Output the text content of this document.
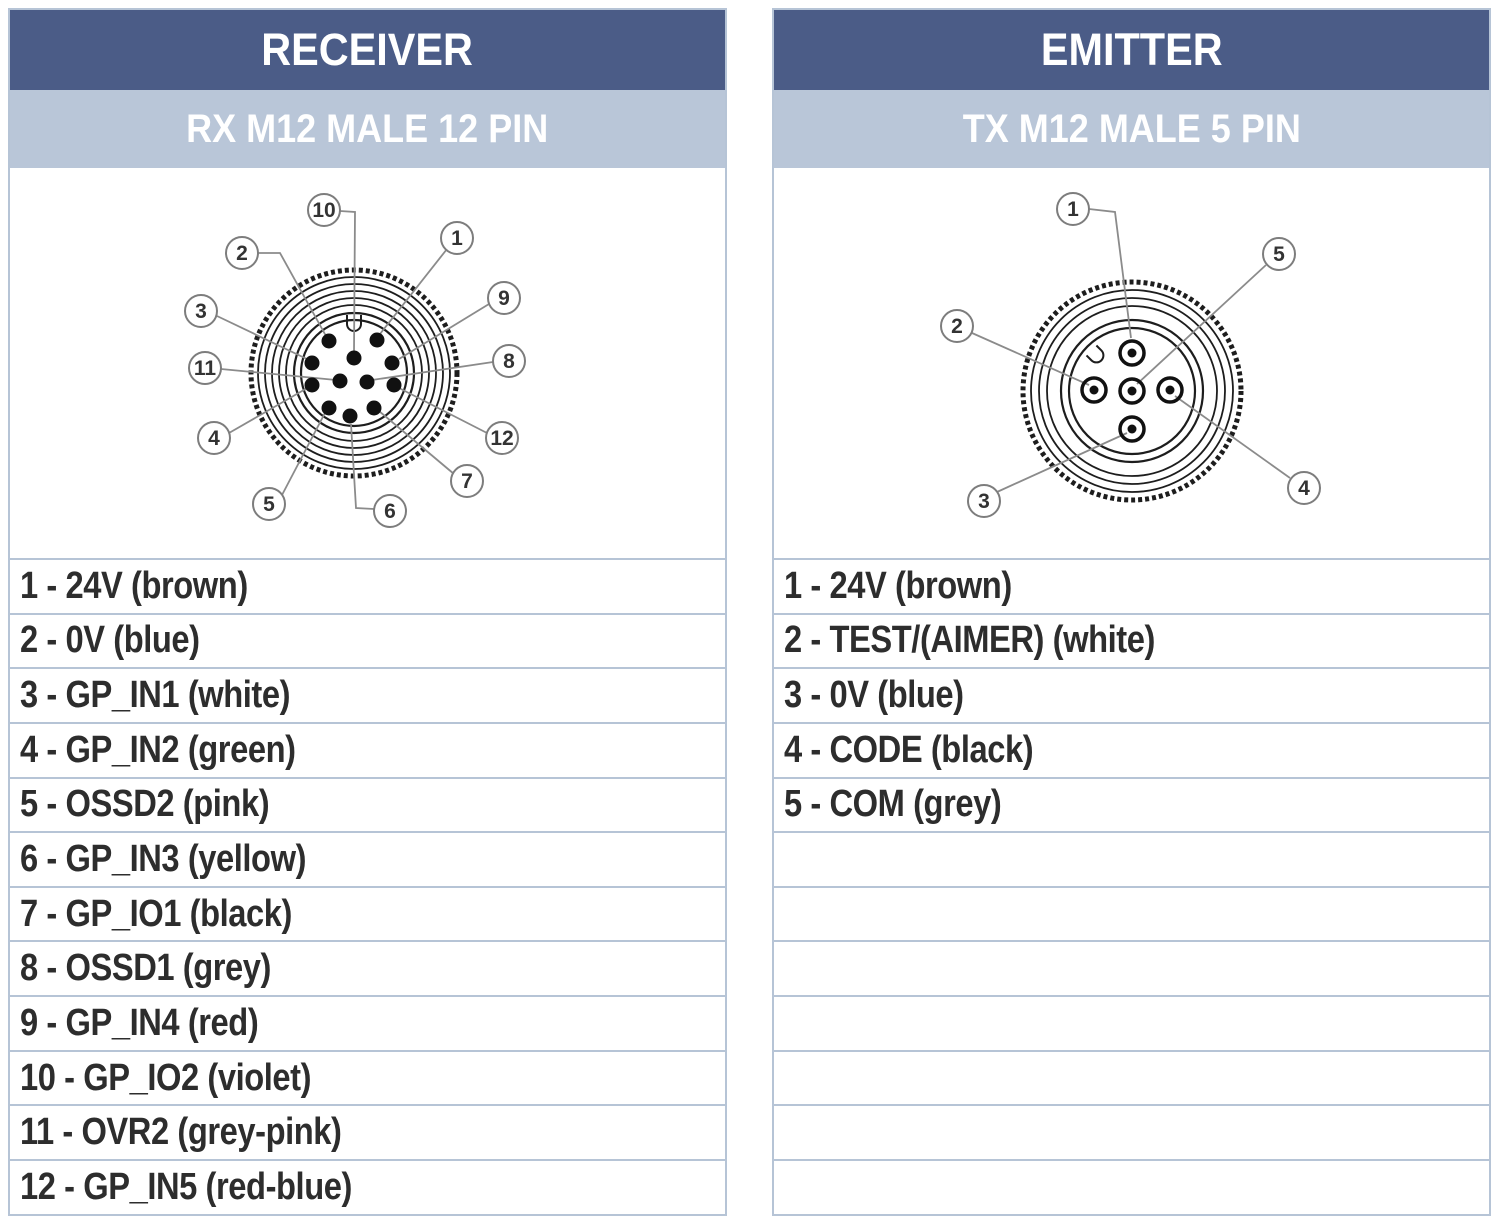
RECEIVER
RX M12 MALE 12 PIN
10
1
2
9
3
8
11
12
4
7
5	6
1 - 24V (brown)
2 - 0V (blue)
3 - GP_IN1 (white)
4 - GP_IN2 (green)
5 - OSSD2 (pink)
6 - GP_IN3 (yellow)
7 - GP_IO1 (black)
8 - OSSD1 (grey)
9 - GP_IN4 (red)
10 - GP_IO2 (violet)
11 - OVR2 (grey-pink)
12 - GP_IN5 (red-blue)
EMITTER
TX M12 MALE 5 PIN
1
5
2
3
4
1 - 24V (brown)
2 - TEST/(AIMER) (white)
3 - 0V (blue)
4 - CODE (black)
5 - COM (grey)
